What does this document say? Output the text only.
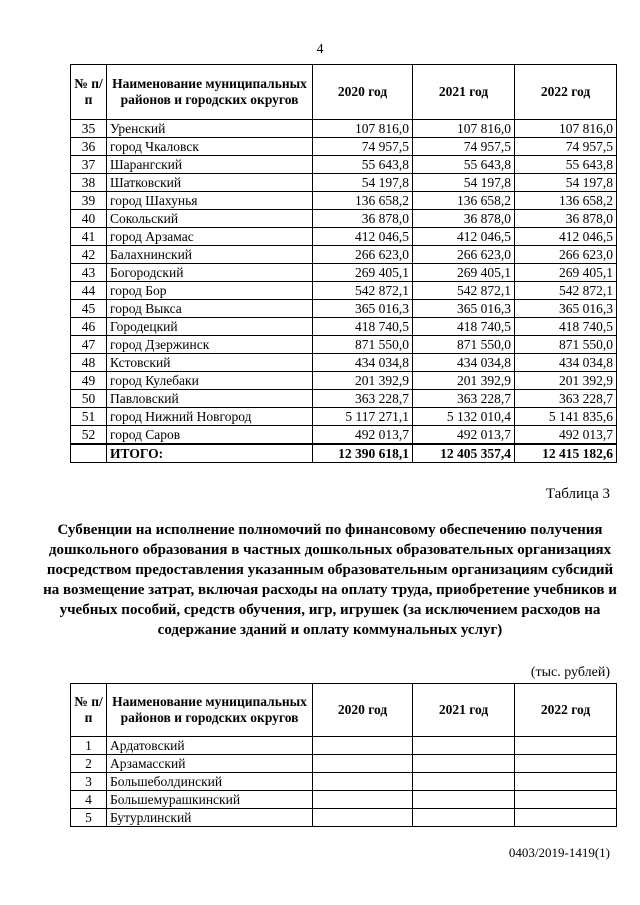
4
№ п/п	Наименование муниципальных районов и городских округов	2020 год	2021 год	2022 год
35	Уренский	107 816,0	107 816,0	107 816,0
36	город Чкаловск	74 957,5	74 957,5	74 957,5
37	Шарангский	55 643,8	55 643,8	55 643,8
38	Шатковский	54 197,8	54 197,8	54 197,8
39	город Шахунья	136 658,2	136 658,2	136 658,2
40	Сокольский	36 878,0	36 878,0	36 878,0
41	город Арзамас	412 046,5	412 046,5	412 046,5
42	Балахнинский	266 623,0	266 623,0	266 623,0
43	Богородский	269 405,1	269 405,1	269 405,1
44	город Бор	542 872,1	542 872,1	542 872,1
45	город Выкса	365 016,3	365 016,3	365 016,3
46	Городецкий	418 740,5	418 740,5	418 740,5
47	город Дзержинск	871 550,0	871 550,0	871 550,0
48	Кстовский	434 034,8	434 034,8	434 034,8
49	город Кулебаки	201 392,9	201 392,9	201 392,9
50	Павловский	363 228,7	363 228,7	363 228,7
51	город Нижний Новгород	5 117 271,1	5 132 010,4	5 141 835,6
52	город Саров	492 013,7	492 013,7	492 013,7
	ИТОГО:	12 390 618,1	12 405 357,4	12 415 182,6
Таблица 3
Субвенции на исполнение полномочий по финансовому обеспечению получения дошкольного образования в частных дошкольных образовательных организациях посредством предоставления указанным образовательным организациям субсидий на возмещение затрат, включая расходы на оплату труда, приобретение учебников и учебных пособий, средств обучения, игр, игрушек (за исключением расходов на содержание зданий и оплату коммунальных услуг)
(тыс. рублей)
№ п/п	Наименование муниципальных районов и городских округов	2020 год	2021 год	2022 год
1	Ардатовский			
2	Арзамасский			
3	Большеболдинский			
4	Большемурашкинский			
5	Бутурлинский			
0403/2019-1419(1)
